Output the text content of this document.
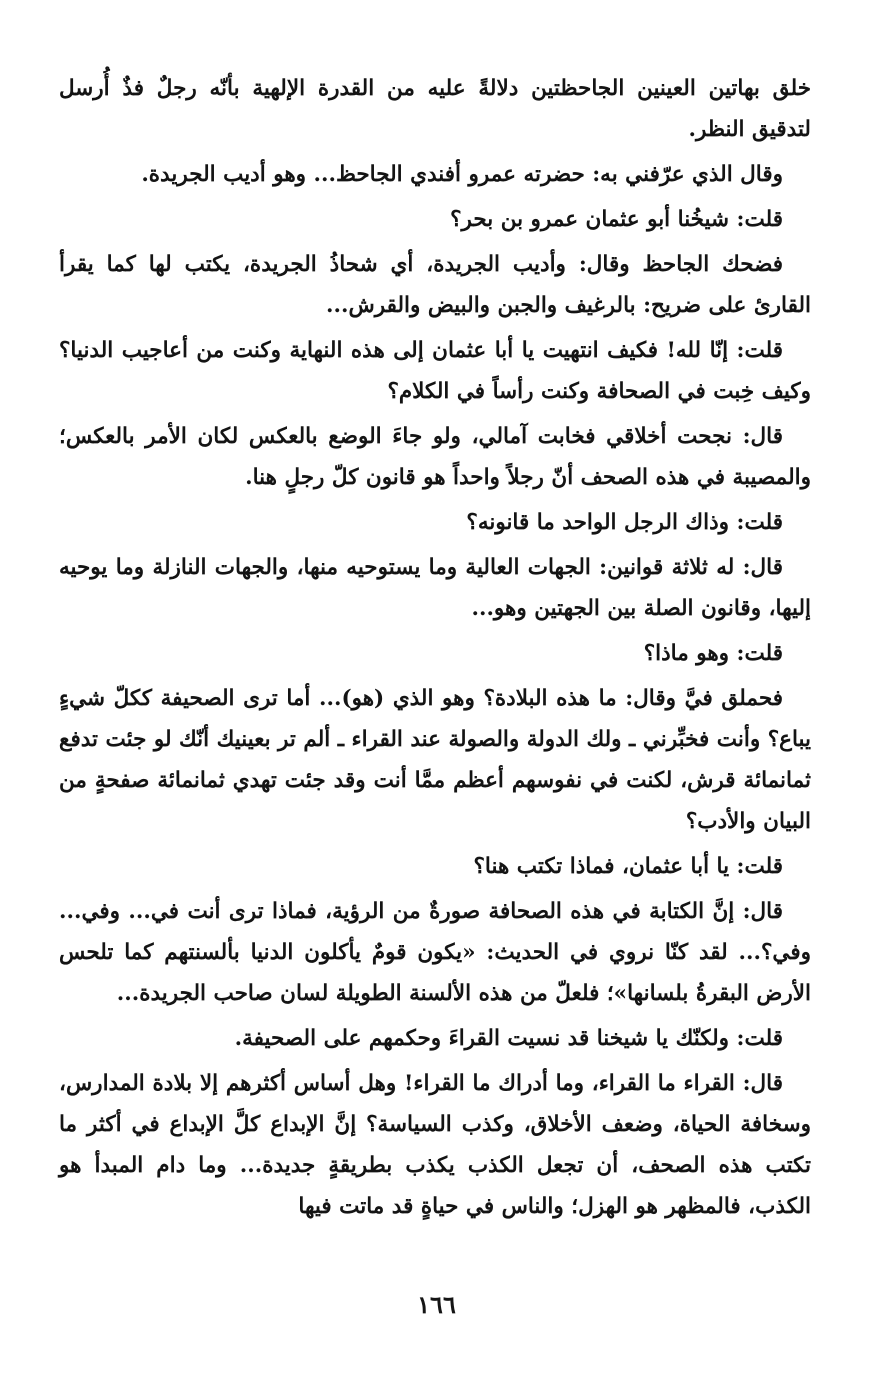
خلق بهاتين العينين الجاحظتين دلالةً عليه من القدرة الإلهية بأنّه رجلٌ فذٌ أُرسل لتدقيق النظر.

وقال الذي عرّفني به: حضرته عمرو أفندي الجاحظ... وهو أديب الجريدة.

قلت: شيخُنا أبو عثمان عمرو بن بحر؟

فضحك الجاحظ وقال: وأديب الجريدة، أي شحاذُ الجريدة، يكتب لها كما يقرأ القارئ على ضريح: بالرغيف والجبن والبيض والقرش...

قلت: إنّا لله! فكيف انتهيت يا أبا عثمان إلى هذه النهاية وكنت من أعاجيب الدنيا؟ وكيف خِبت في الصحافة وكنت رأساً في الكلام؟

قال: نجحت أخلاقي فخابت آمالي، ولو جاءَ الوضع بالعكس لكان الأمر بالعكس؛ والمصيبة في هذه الصحف أنّ رجلاً واحداً هو قانون كلّ رجلٍ هنا.

قلت: وذاك الرجل الواحد ما قانونه؟

قال: له ثلاثة قوانين: الجهات العالية وما يستوحيه منها، والجهات النازلة وما يوحيه إليها، وقانون الصلة بين الجهتين وهو...

قلت: وهو ماذا؟

فحملق فيَّ وقال: ما هذه البلادة؟ وهو الذي (هو)... أما ترى الصحيفة ككلّ شيءٍ يباع؟ وأنت فخبِّرني ـ ولك الدولة والصولة عند القراء ـ ألم تر بعينيك أنّك لو جئت تدفع ثمانمائة قرش، لكنت في نفوسهم أعظم ممَّا أنت وقد جئت تهدي ثمانمائة صفحةٍ من البيان والأدب؟

قلت: يا أبا عثمان، فماذا تكتب هنا؟

قال: إنَّ الكتابة في هذه الصحافة صورةٌ من الرؤية، فماذا ترى أنت في... وفي... وفي؟... لقد كنّا نروي في الحديث: «يكون قومٌ يأكلون الدنيا بألسنتهم كما تلحس الأرض البقرةُ بلسانها»؛ فلعلّ من هذه الألسنة الطويلة لسان صاحب الجريدة...

قلت: ولكنّك يا شيخنا قد نسيت القراءَ وحكمهم على الصحيفة.

قال: القراء ما القراء، وما أدراك ما القراء! وهل أساس أكثرهم إلا بلادة المدارس، وسخافة الحياة، وضعف الأخلاق، وكذب السياسة؟ إنَّ الإبداع كلَّ الإبداع في أكثر ما تكتب هذه الصحف، أن تجعل الكذب يكذب بطريقةٍ جديدة... وما دام المبدأ هو الكذب، فالمظهر هو الهزل؛ والناس في حياةٍ قد ماتت فيها

١٦٦
